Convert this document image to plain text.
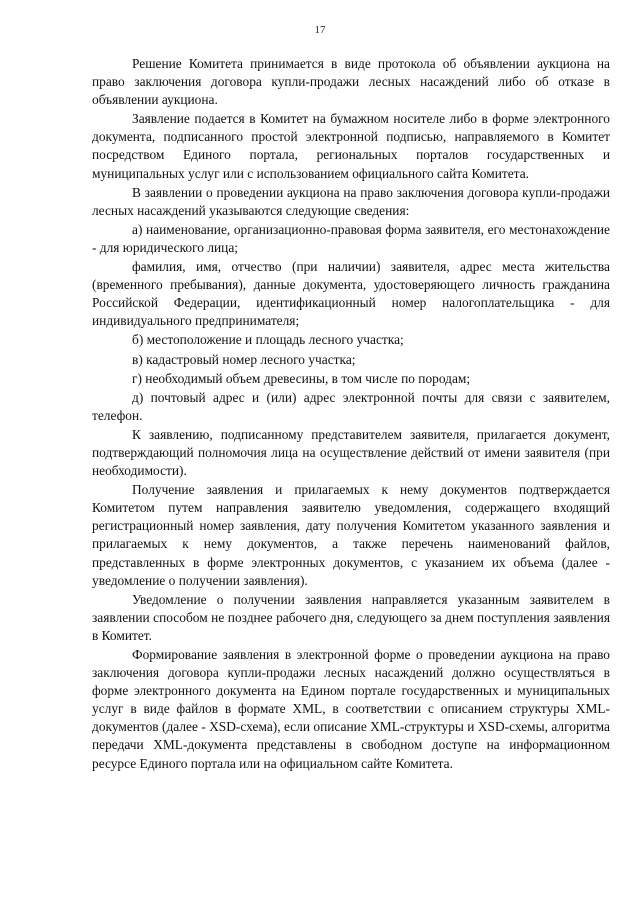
17

Решение Комитета принимается в виде протокола об объявлении аукциона на право заключения договора купли-продажи лесных насаждений либо об отказе в объявлении аукциона.

Заявление подается в Комитет на бумажном носителе либо в форме электронного документа, подписанного простой электронной подписью, направляемого в Комитет посредством Единого портала, региональных порталов государственных и муниципальных услуг или с использованием официального сайта Комитета.

В заявлении о проведении аукциона на право заключения договора купли-продажи лесных насаждений указываются следующие сведения:

а) наименование, организационно-правовая форма заявителя, его местонахождение - для юридического лица;

фамилия, имя, отчество (при наличии) заявителя, адрес места жительства (временного пребывания), данные документа, удостоверяющего личность гражданина Российской Федерации, идентификационный номер налогоплательщика - для индивидуального предпринимателя;

б) местоположение и площадь лесного участка;

в) кадастровый номер лесного участка;

г) необходимый объем древесины, в том числе по породам;

д) почтовый адрес и (или) адрес электронной почты для связи с заявителем, телефон.

К заявлению, подписанному представителем заявителя, прилагается документ, подтверждающий полномочия лица на осуществление действий от имени заявителя (при необходимости).

Получение заявления и прилагаемых к нему документов подтверждается Комитетом путем направления заявителю уведомления, содержащего входящий регистрационный номер заявления, дату получения Комитетом указанного заявления и прилагаемых к нему документов, а также перечень наименований файлов, представленных в форме электронных документов, с указанием их объема (далее - уведомление о получении заявления).

Уведомление о получении заявления направляется указанным заявителем в заявлении способом не позднее рабочего дня, следующего за днем поступления заявления в Комитет.

Формирование заявления в электронной форме о проведении аукциона на право заключения договора купли-продажи лесных насаждений должно осуществляться в форме электронного документа на Едином портале государственных и муниципальных услуг в виде файлов в формате XML, в соответствии с описанием структуры XML-документов (далее - XSD-схема), если описание XML-структуры и XSD-схемы, алгоритма передачи XML-документа представлены в свободном доступе на информационном ресурсе Единого портала или на официальном сайте Комитета.
